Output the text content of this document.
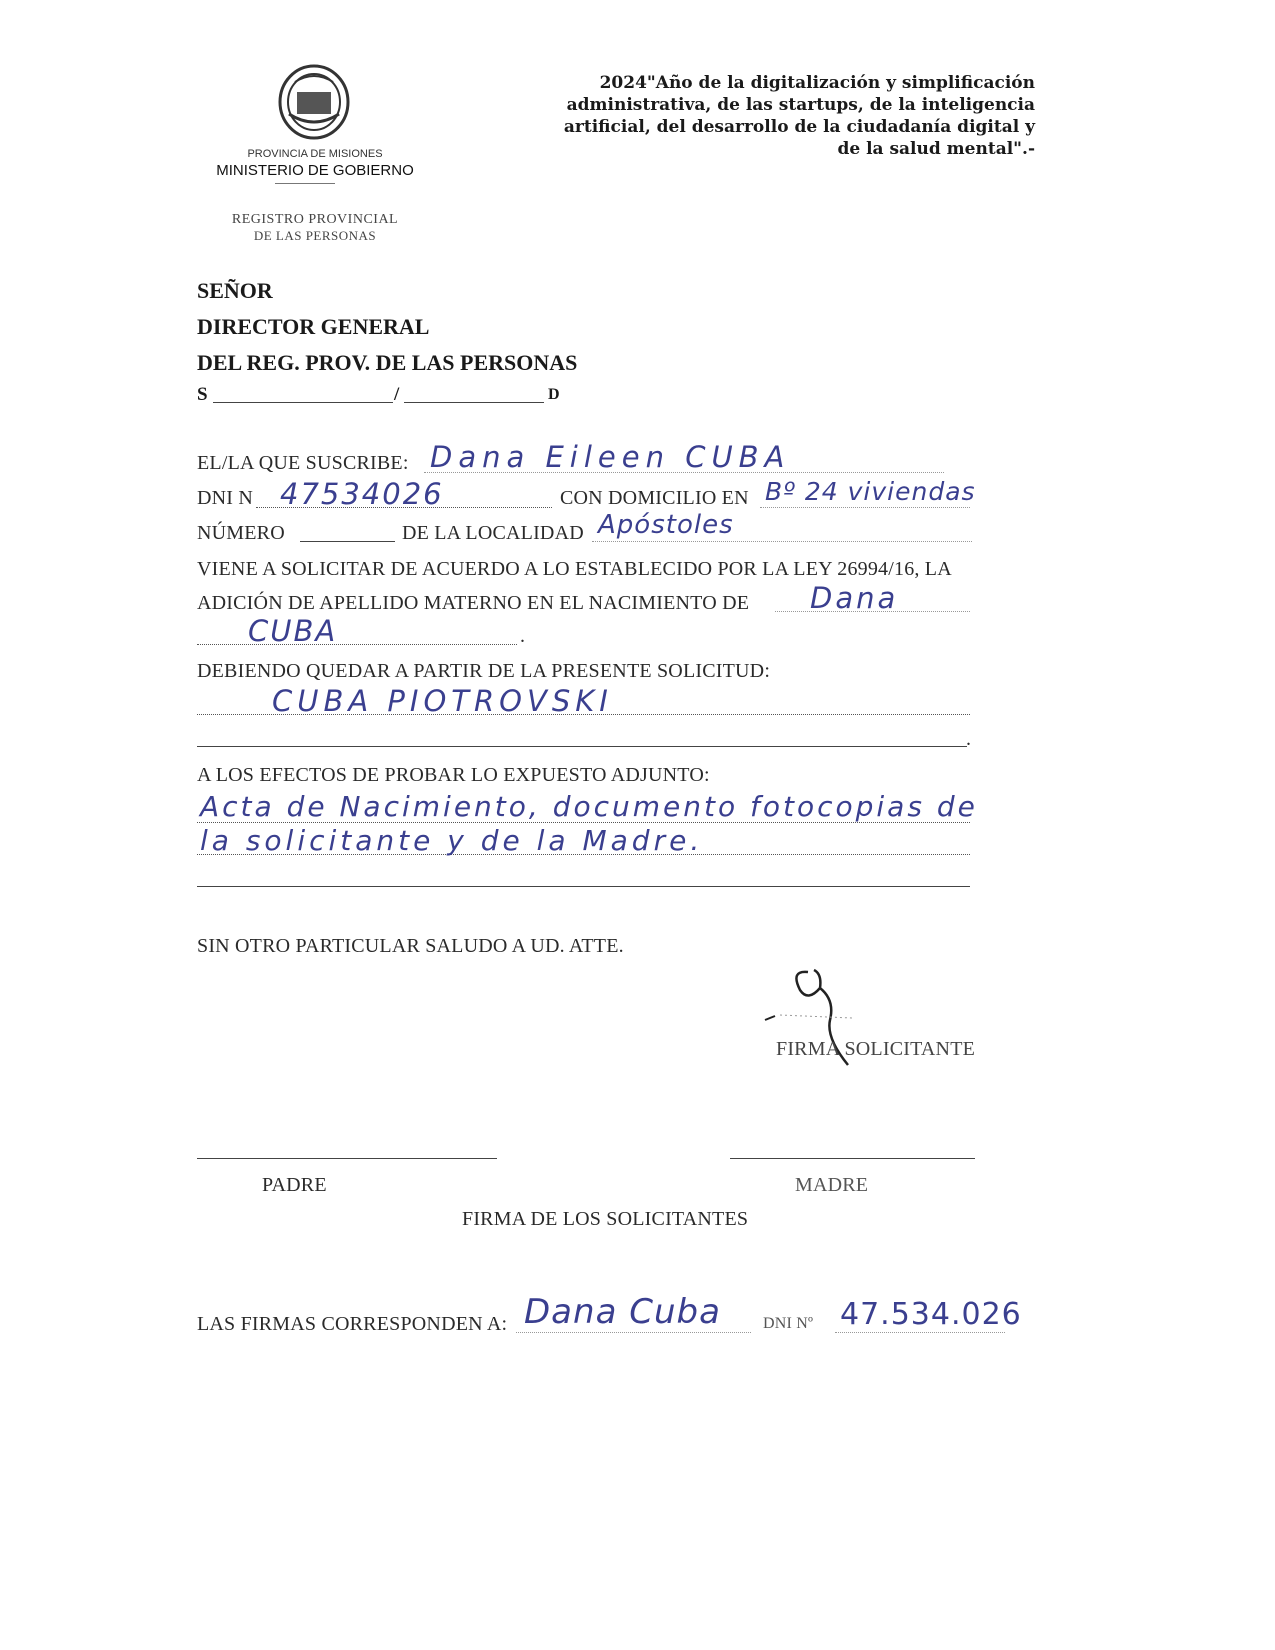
PROVINCIA DE MISIONES
MINISTERIO DE GOBIERNO
REGISTRO PROVINCIAL
DE LAS PERSONAS
2024"Año de la digitalización y simplificación administrativa, de las startups, de la inteligencia artificial, del desarrollo de la ciudadanía digital y de la salud mental".-
SEÑOR
DIRECTOR GENERAL
DEL REG. PROV. DE LAS PERSONAS
S	/	D
EL/LA QUE SUSCRIBE: Dana Eileen CUBA
DNI N 47534026	CON DOMICILIO EN Bº 24 viviendas
NÚMERO	DE LA LOCALIDAD Apóstoles
VIENE A SOLICITAR DE ACUERDO A LO ESTABLECIDO POR LA LEY 26994/16, LA
ADICIÓN DE APELLIDO MATERNO EN EL NACIMIENTO DE Dana
CUBA	.
DEBIENDO QUEDAR A PARTIR DE LA PRESENTE SOLICITUD:
CUBA PIOTROVSKI
.
A LOS EFECTOS DE PROBAR LO EXPUESTO ADJUNTO:
Acta de Nacimiento, documento fotocopias de
la solicitante y de la Madre.
SIN OTRO PARTICULAR SALUDO A UD. ATTE.
FIRMA SOLICITANTE
PADRE	MADRE
FIRMA DE LOS SOLICITANTES
LAS FIRMAS CORRESPONDEN A: Dana Cuba	DNI Nº 47.534.026
